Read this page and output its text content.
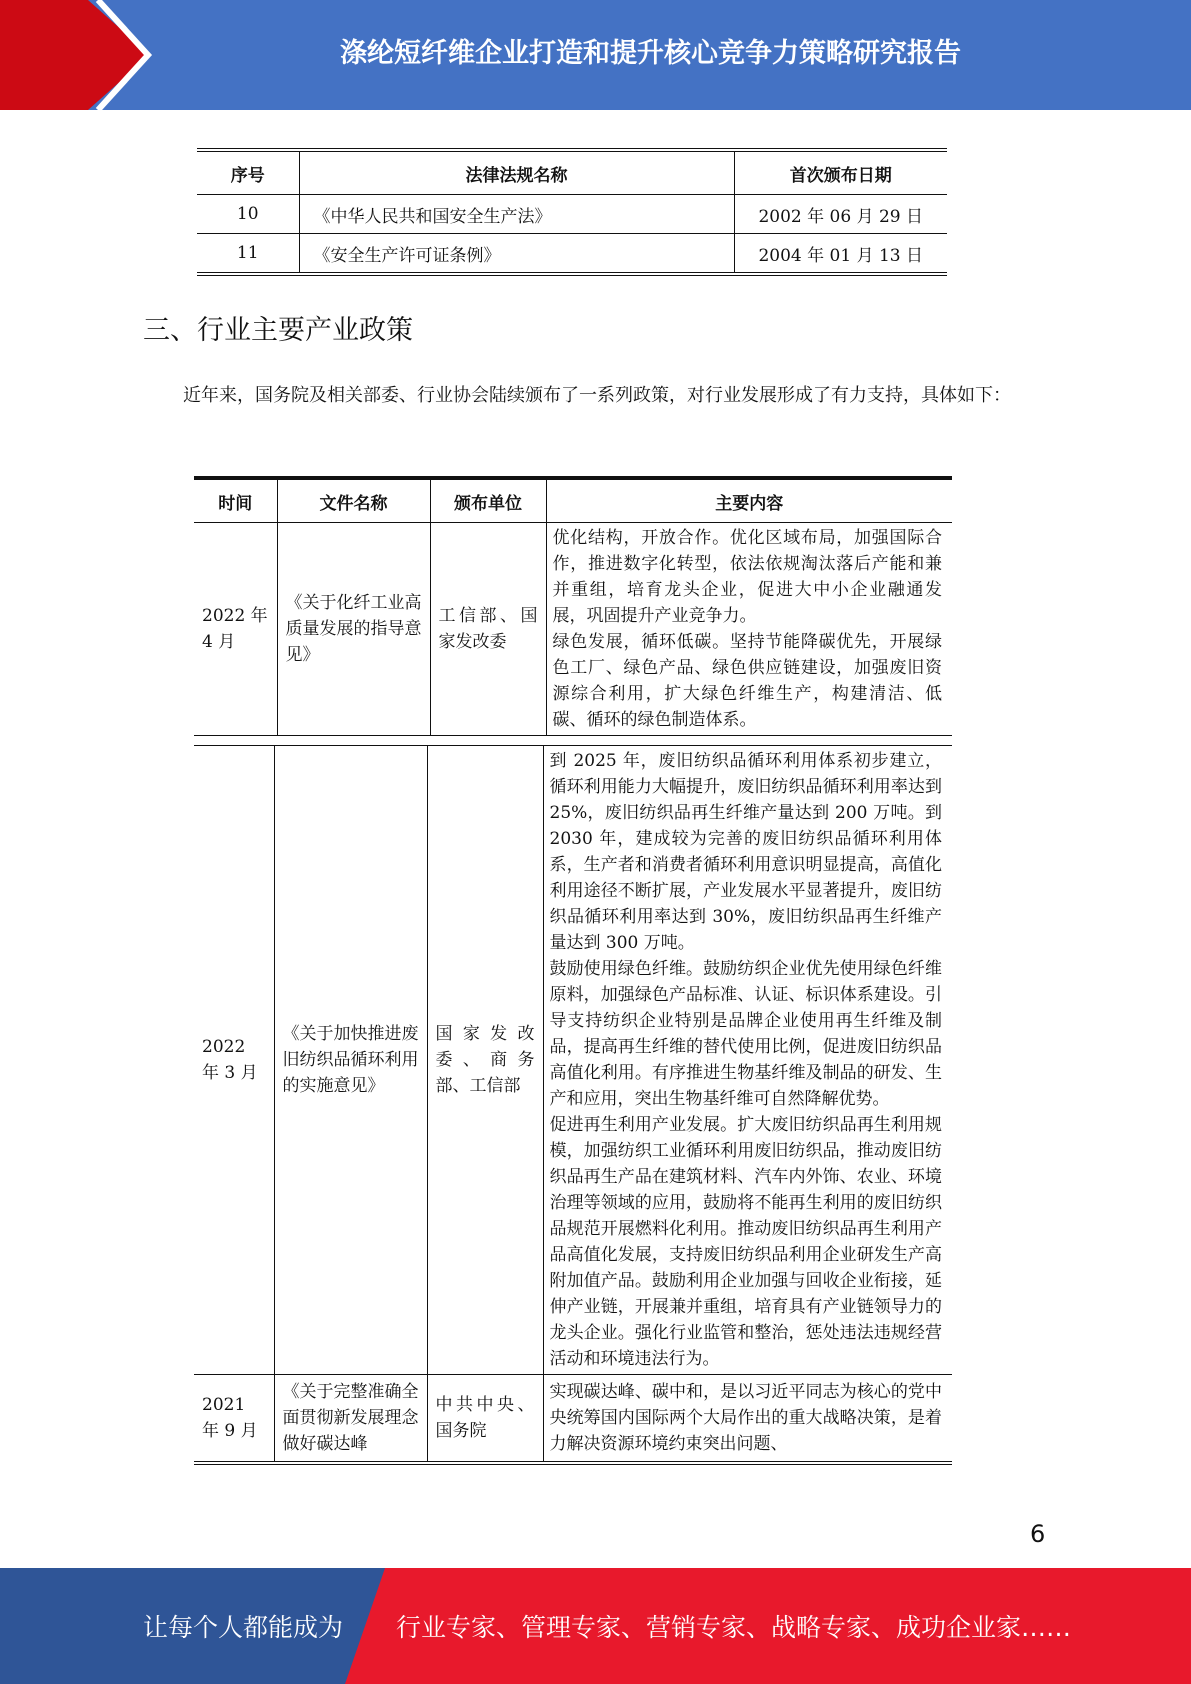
涤纶短纤维企业打造和提升核心竞争力策略研究报告
序号	法律法规名称	首次颁布日期
10	《中华人民共和国安全生产法》	2002 年 06 月 29 日
11	《安全生产许可证条例》	2004 年 01 月 13 日
三、行业主要产业政策
近年来，国务院及相关部委、行业协会陆续颁布了一系列政策，对行业发展形成了有力支持，具体如下：
时间	文件名称	颁布单位	主要内容
2022 年 4 月	《关于化纤工业高质量发展的指导意见》	工信部、国家发改委	优化结构，开放合作。优化区域布局，加强国际合作，推进数字化转型，依法依规淘汰落后产能和兼并重组，培育龙头企业，促进大中小企业融通发展，巩固提升产业竞争力。
绿色发展，循环低碳。坚持节能降碳优先，开展绿色工厂、绿色产品、绿色供应链建设，加强废旧资源综合利用，扩大绿色纤维生产，构建清洁、低碳、循环的绿色制造体系。
2022 年 3 月	《关于加快推进废旧纺织品循环利用的实施意见》	国家发改委、商务部、工信部	到 2025 年，废旧纺织品循环利用体系初步建立，循环利用能力大幅提升，废旧纺织品循环利用率达到 25%，废旧纺织品再生纤维产量达到 200 万吨。到 2030 年，建成较为完善的废旧纺织品循环利用体系，生产者和消费者循环利用意识明显提高，高值化利用途径不断扩展，产业发展水平显著提升，废旧纺织品循环利用率达到 30%，废旧纺织品再生纤维产量达到 300 万吨。
鼓励使用绿色纤维。鼓励纺织企业优先使用绿色纤维原料，加强绿色产品标准、认证、标识体系建设。引导支持纺织企业特别是品牌企业使用再生纤维及制品，提高再生纤维的替代使用比例，促进废旧纺织品高值化利用。有序推进生物基纤维及制品的研发、生产和应用，突出生物基纤维可自然降解优势。
促进再生利用产业发展。扩大废旧纺织品再生利用规模，加强纺织工业循环利用废旧纺织品，推动废旧纺织品再生产品在建筑材料、汽车内外饰、农业、环境治理等领域的应用，鼓励将不能再生利用的废旧纺织品规范开展燃料化利用。推动废旧纺织品再生利用产品高值化发展，支持废旧纺织品利用企业研发生产高附加值产品。鼓励利用企业加强与回收企业衔接，延伸产业链，开展兼并重组，培育具有产业链领导力的龙头企业。强化行业监管和整治，惩处违法违规经营活动和环境违法行为。

2021 年 9 月	《关于完整准确全面贯彻新发展理念做好碳达峰	中共中央、国务院	实现碳达峰、碳中和，是以习近平同志为核心的党中央统筹国内国际两个大局作出的重大战略决策，是着力解决资源环境约束突出问题、
6
让每个人都能成为 行业专家、管理专家、营销专家、战略专家、成功企业家……
